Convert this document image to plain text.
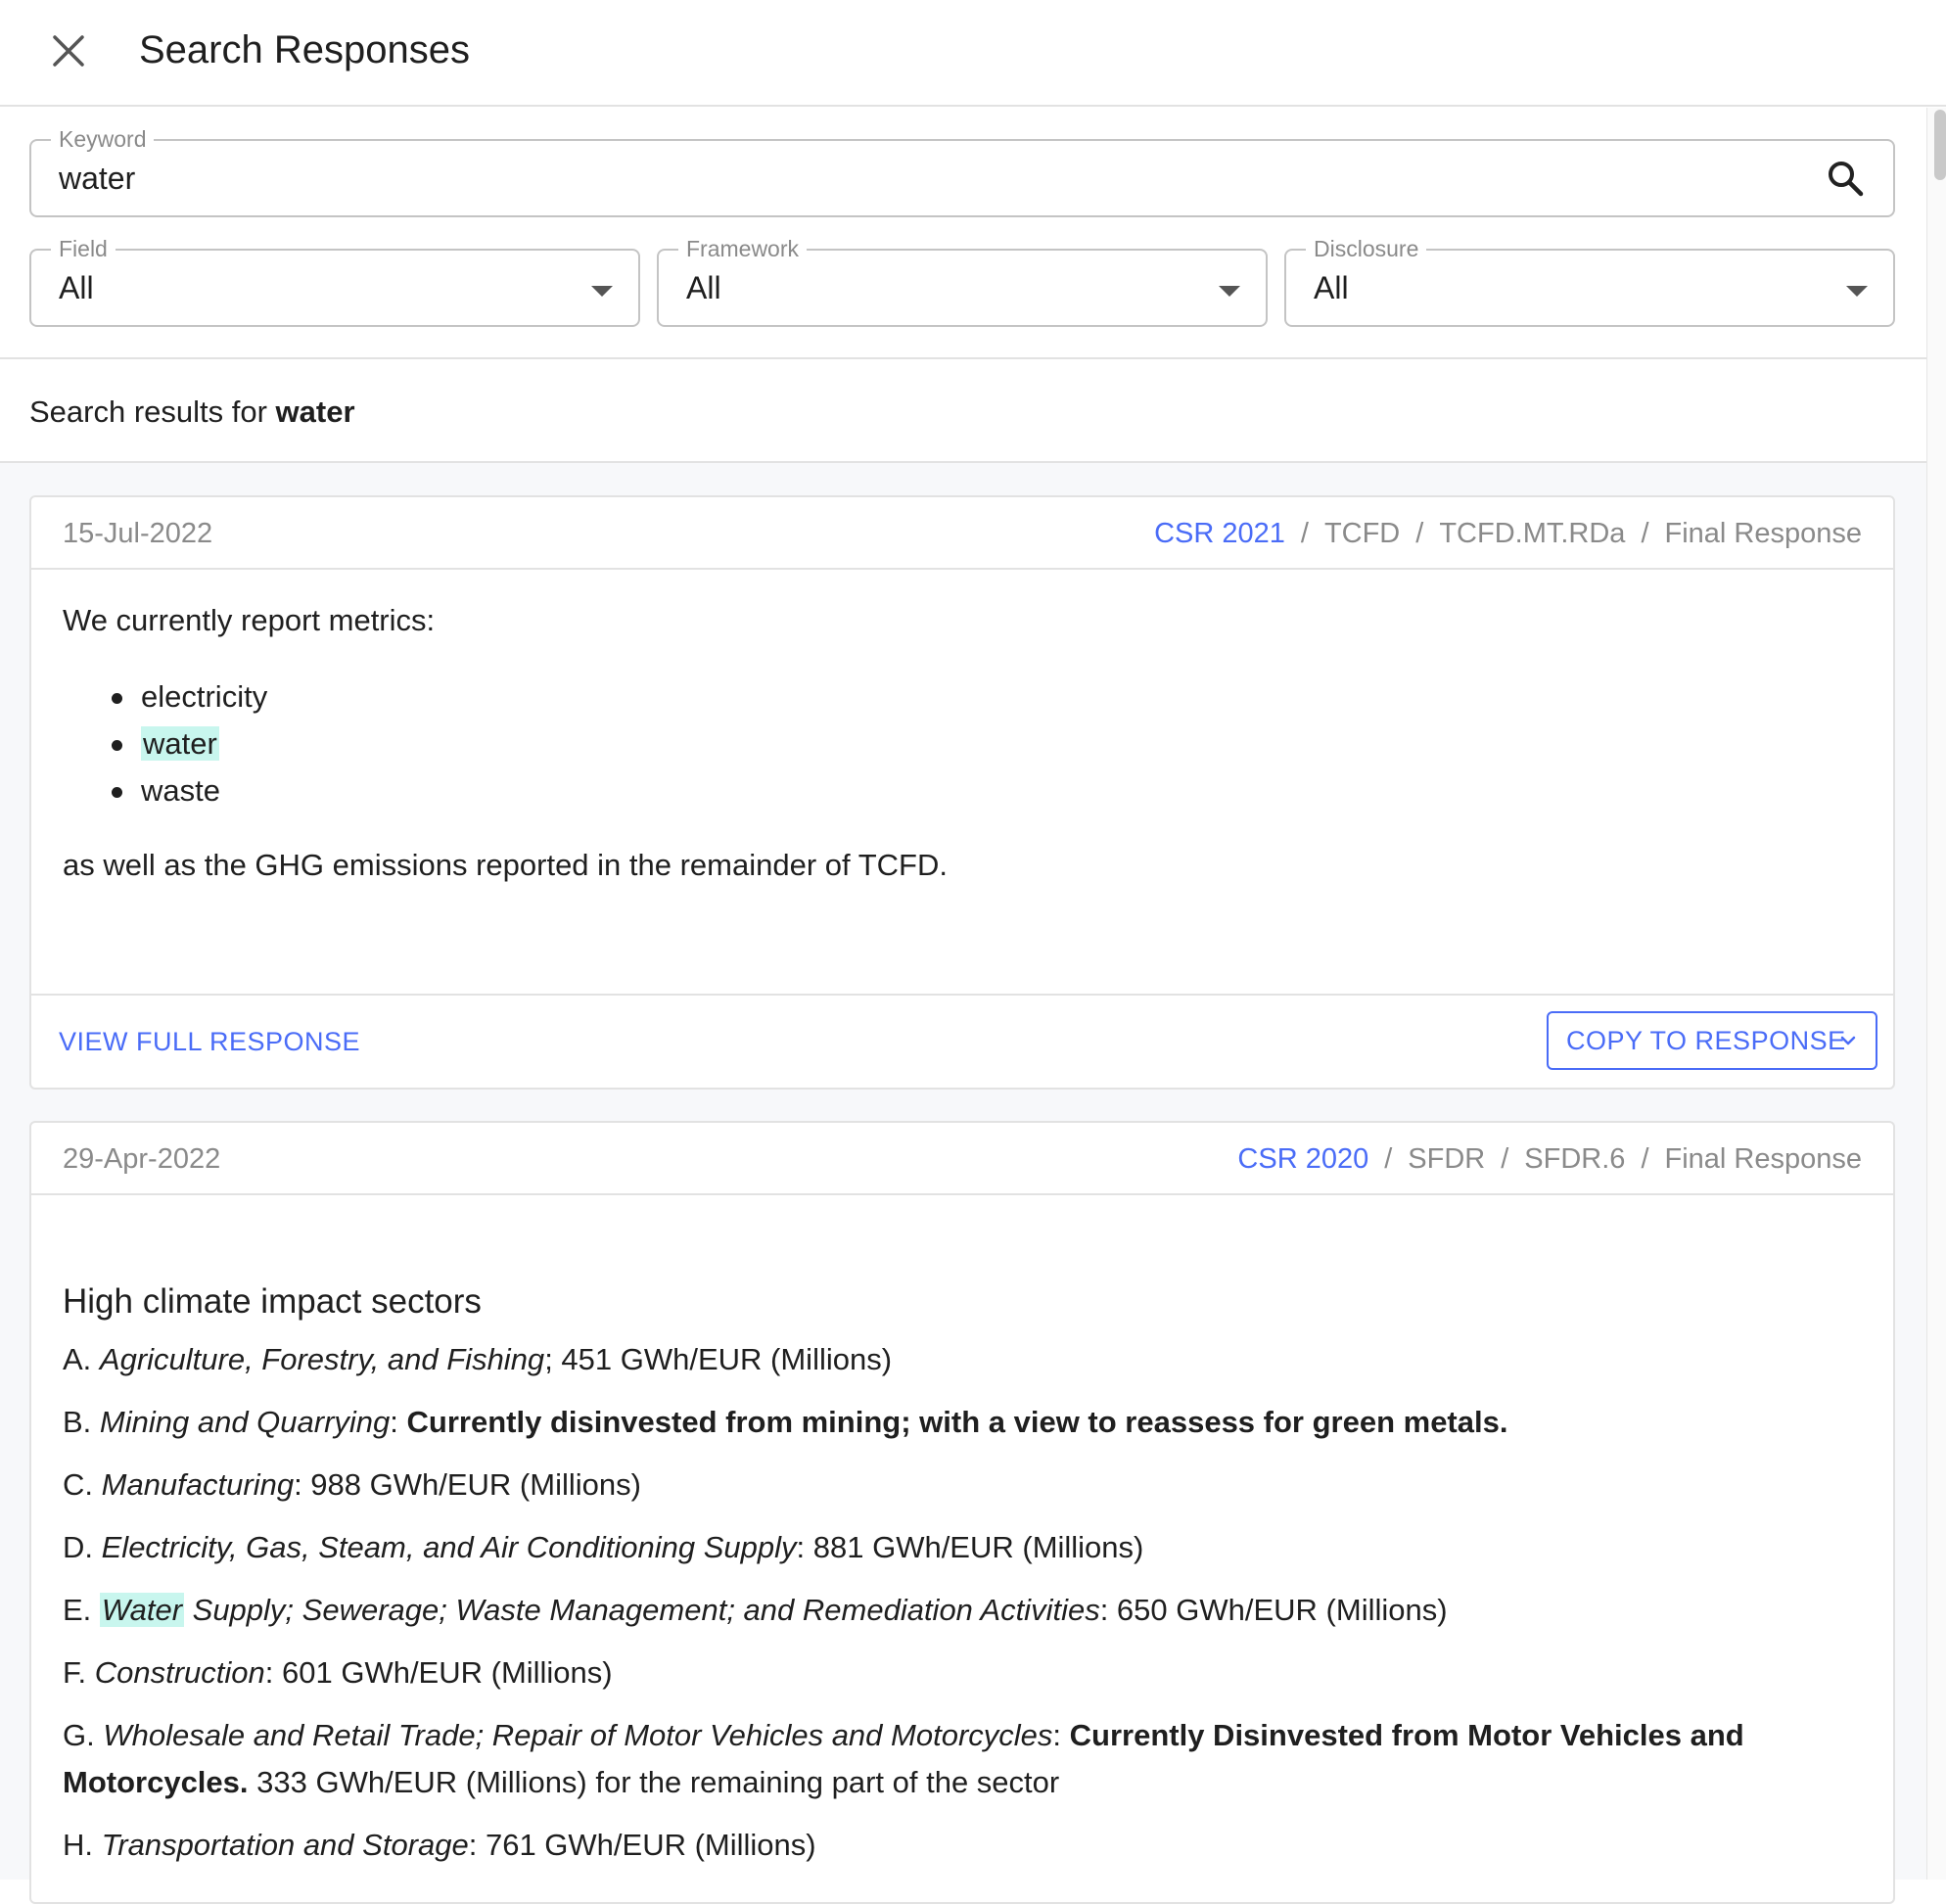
Search Responses
Keyword
water
Field
All
Framework
All
Disclosure
All
Search results for water
15-Jul-2022	CSR 2021 / TCFD / TCFD.MT.RDa / Final Response
We currently report metrics:
electricity
water
waste
as well as the GHG emissions reported in the remainder of TCFD.
VIEW FULL RESPONSE	COPY TO RESPONSE
29-Apr-2022	CSR 2020 / SFDR / SFDR.6 / Final Response

High climate impact sectors

A. Agriculture, Forestry, and Fishing; 451 GWh/EUR (Millions)

B. Mining and Quarrying: Currently disinvested from mining; with a view to reassess for green metals.

C. Manufacturing: 988 GWh/EUR (Millions)

D. Electricity, Gas, Steam, and Air Conditioning Supply: 881 GWh/EUR (Millions)

E. Water Supply; Sewerage; Waste Management; and Remediation Activities: 650 GWh/EUR (Millions)

F. Construction: 601 GWh/EUR (Millions)

G. Wholesale and Retail Trade; Repair of Motor Vehicles and Motorcycles: Currently Disinvested from Motor Vehicles and Motorcycles. 333 GWh/EUR (Millions) for the remaining part of the sector

H. Transportation and Storage: 761 GWh/EUR (Millions)
